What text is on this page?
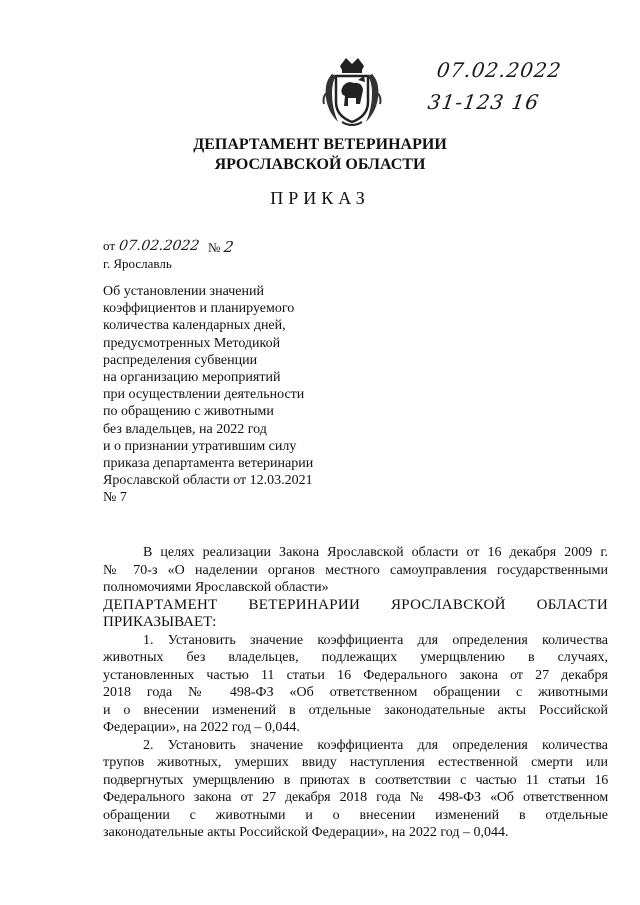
07.02.2022
31-123 16
ДЕПАРТАМЕНТ ВЕТЕРИНАРИИ
ЯРОСЛАВСКОЙ ОБЛАСТИ
ПРИКАЗ
от 07.02.2022 № 2
г. Ярославль
Об установлении значений
коэффициентов и планируемого
количества календарных дней,
предусмотренных Методикой
распределения субвенции
на организацию мероприятий
при осуществлении деятельности
по обращению с животными
без владельцев, на 2022 год
и о признании утратившим силу
приказа департамента ветеринарии
Ярославской области от 12.03.2021
№ 7
В целях реализации Закона Ярославской области от 16 декабря 2009 г.
№ 70-з «О наделении органов местного самоуправления государственными
полномочиями Ярославской области»
ДЕПАРТАМЕНТ ВЕТЕРИНАРИИ ЯРОСЛАВСКОЙ ОБЛАСТИ
ПРИКАЗЫВАЕТ:
1. Установить значение коэффициента для определения количества
животных без владельцев, подлежащих умерщвлению в случаях,
установленных частью 11 статьи 16 Федерального закона от 27 декабря
2018 года № 498-ФЗ «Об ответственном обращении с животными
и о внесении изменений в отдельные законодательные акты Российской
Федерации», на 2022 год – 0,044.
2. Установить значение коэффициента для определения количества
трупов животных, умерших ввиду наступления естественной смерти или
подвергнутых умерщвлению в приютах в соответствии с частью 11 статьи 16
Федерального закона от 27 декабря 2018 года № 498-ФЗ «Об ответственном
обращении с животными и о внесении изменений в отдельные
законодательные акты Российской Федерации», на 2022 год – 0,044.
